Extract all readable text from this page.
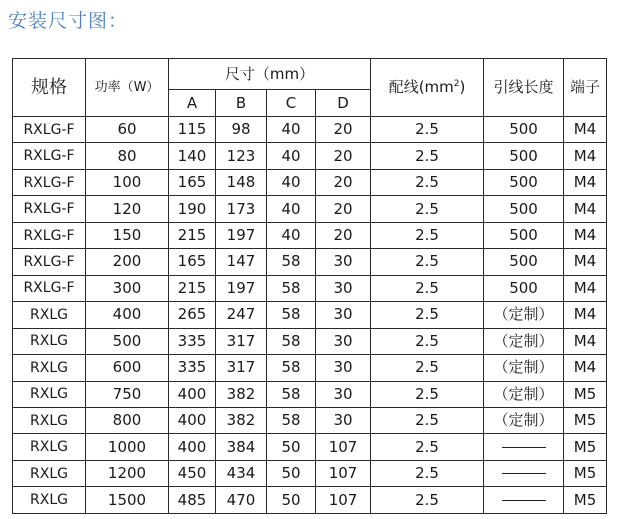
安装尺寸图：
规格	功率（W）	尺寸（mm）				配线$(mm^2)$	引线长度	端子
		A	B	C	D			
RXLG-F	60	115	98	40	20	2.5	500	M4
RXLG-F	80	140	123	40	20	2.5	500	M4
RXLG-F	100	165	148	40	20	2.5	500	M4
RXLG-F	120	190	173	40	20	2.5	500	M4
RXLG-F	150	215	197	40	20	2.5	500	M4
RXLG-F	200	165	147	58	30	2.5	500	M4
RXLG-F	300	215	197	58	30	2.5	500	M4
RXLG	400	265	247	58	30	2.5	（定制）	M4
RXLG	500	335	317	58	30	2.5	（定制）	M4
RXLG	600	335	317	58	30	2.5	（定制）	M4
RXLG	750	400	382	58	30	2.5	（定制）	M5
RXLG	800	400	382	58	30	2.5	（定制）	M5
RXLG	1000	400	384	50	107	2.5		M5
RXLG	1200	450	434	50	107	2.5		M5
RXLG	1500	485	470	50	107	2.5		M5
